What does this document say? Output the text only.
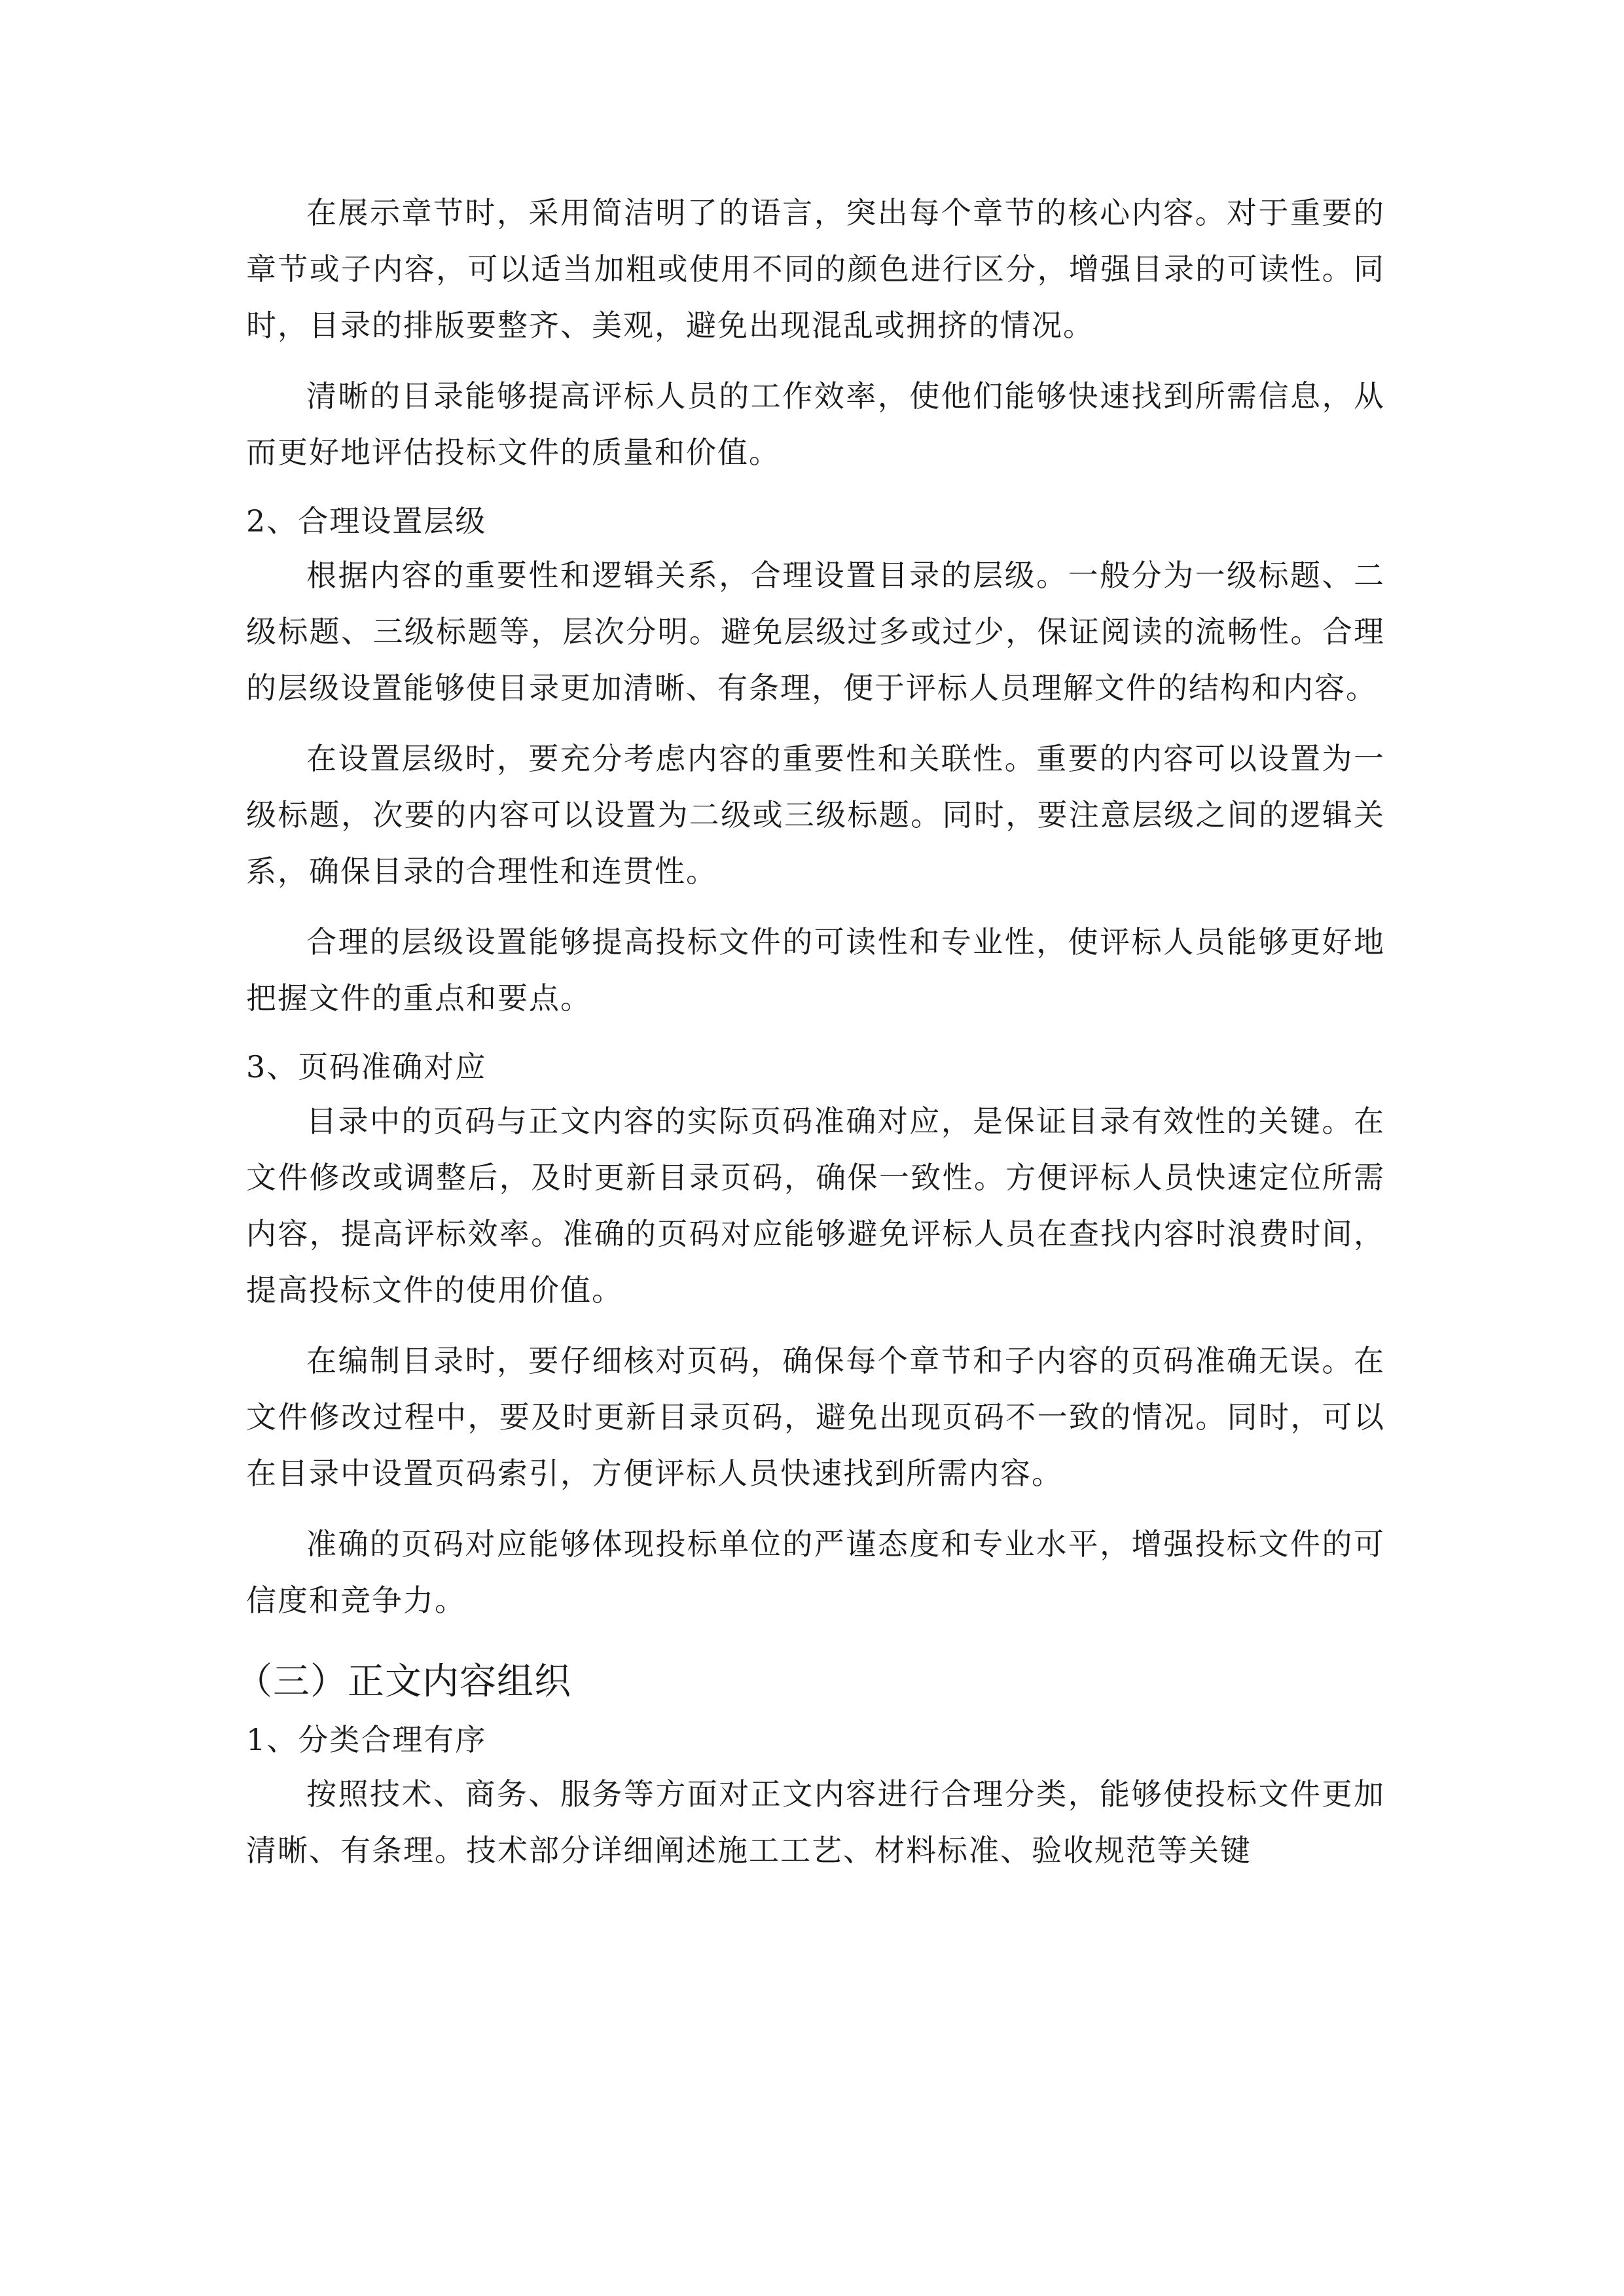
在展示章节时，采用简洁明了的语言，突出每个章节的核心内容。对于重要的章节或子内容，可以适当加粗或使用不同的颜色进行区分，增强目录的可读性。同时，目录的排版要整齐、美观，避免出现混乱或拥挤的情况。

清晰的目录能够提高评标人员的工作效率，使他们能够快速找到所需信息，从而更好地评估投标文件的质量和价值。

2、合理设置层级

根据内容的重要性和逻辑关系，合理设置目录的层级。一般分为一级标题、二级标题、三级标题等，层次分明。避免层级过多或过少，保证阅读的流畅性。合理的层级设置能够使目录更加清晰、有条理，便于评标人员理解文件的结构和内容。

在设置层级时，要充分考虑内容的重要性和关联性。重要的内容可以设置为一级标题，次要的内容可以设置为二级或三级标题。同时，要注意层级之间的逻辑关系，确保目录的合理性和连贯性。

合理的层级设置能够提高投标文件的可读性和专业性，使评标人员能够更好地把握文件的重点和要点。

3、页码准确对应

目录中的页码与正文内容的实际页码准确对应，是保证目录有效性的关键。在文件修改或调整后，及时更新目录页码，确保一致性。方便评标人员快速定位所需内容，提高评标效率。准确的页码对应能够避免评标人员在查找内容时浪费时间，提高投标文件的使用价值。

在编制目录时，要仔细核对页码，确保每个章节和子内容的页码准确无误。在文件修改过程中，要及时更新目录页码，避免出现页码不一致的情况。同时，可以在目录中设置页码索引，方便评标人员快速找到所需内容。

准确的页码对应能够体现投标单位的严谨态度和专业水平，增强投标文件的可信度和竞争力。

（三）正文内容组织

1、分类合理有序

按照技术、商务、服务等方面对正文内容进行合理分类，能够使投标文件更加清晰、有条理。技术部分详细阐述施工工艺、材料标准、验收规范等关键
